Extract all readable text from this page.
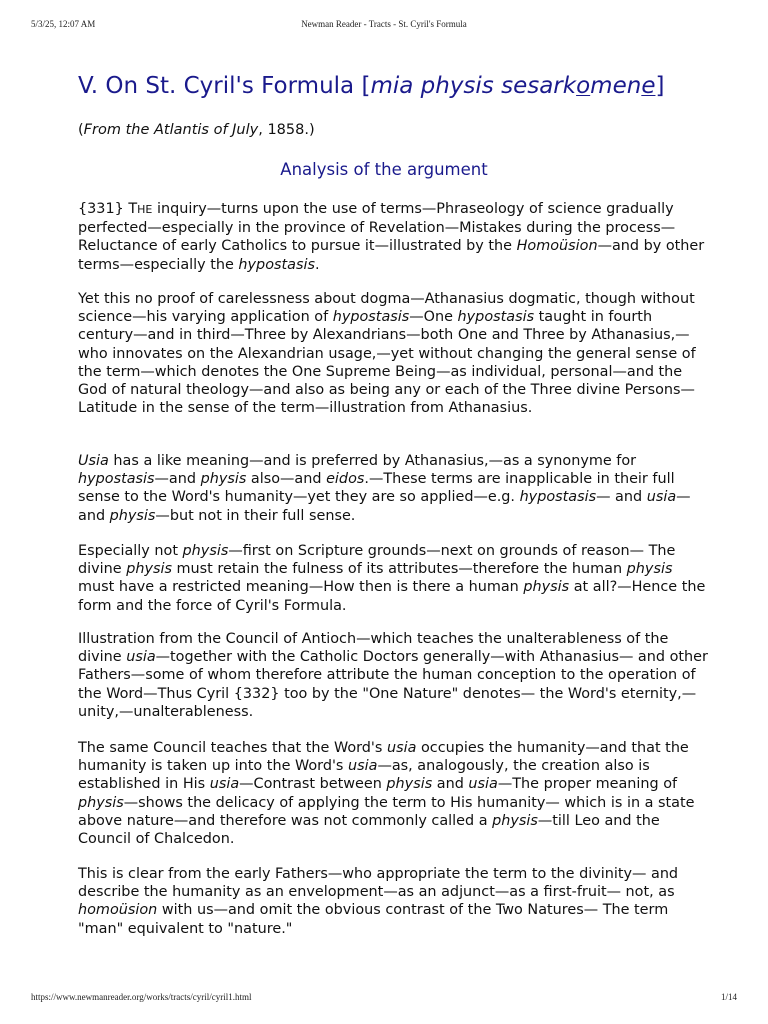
5/3/25, 12:07 AM	Newman Reader - Tracts - St. Cyril's Formula
V. On St. Cyril's Formula [mia physis sesarkomene]

(From the Atlantis of July, 1858.)

Analysis of the argument

{331} THE inquiry—turns upon the use of terms—Phraseology of science gradually perfected—especially in the province of Revelation—Mistakes during the process—Reluctance of early Catholics to pursue it—illustrated by the Homoüsion—and by other terms—especially the hypostasis.

Yet this no proof of carelessness about dogma—Athanasius dogmatic, though without science—his varying application of hypostasis—One hypostasis taught in fourth century—and in third—Three by Alexandrians—both One and Three by Athanasius,—who innovates on the Alexandrian usage,—yet without changing the general sense of the term—which denotes the One Supreme Being—as individual, personal—and the God of natural theology—and also as being any or each of the Three divine Persons—Latitude in the sense of the term—illustration from Athanasius.

Usia has a like meaning—and is preferred by Athanasius,—as a synonyme for hypostasis—and physis also—and eidos.—These terms are inapplicable in their full sense to the Word's humanity—yet they are so applied—e.g. hypostasis— and usia—and physis—but not in their full sense.

Especially not physis—first on Scripture grounds—next on grounds of reason— The divine physis must retain the fulness of its attributes—therefore the human physis must have a restricted meaning—How then is there a human physis at all?—Hence the form and the force of Cyril's Formula.

Illustration from the Council of Antioch—which teaches the unalterableness of the divine usia—together with the Catholic Doctors generally—with Athanasius— and other Fathers—some of whom therefore attribute the human conception to the operation of the Word—Thus Cyril {332} too by the "One Nature" denotes— the Word's eternity,—unity,—unalterableness.

The same Council teaches that the Word's usia occupies the humanity—and that the humanity is taken up into the Word's usia—as, analogously, the creation also is established in His usia—Contrast between physis and usia—The proper meaning of physis—shows the delicacy of applying the term to His humanity— which is in a state above nature—and therefore was not commonly called a physis—till Leo and the Council of Chalcedon.

This is clear from the early Fathers—who appropriate the term to the divinity— and describe the humanity as an envelopment—as an adjunct—as a first-fruit— not, as homoüsion with us—and omit the obvious contrast of the Two Natures— The term "man" equivalent to "nature."

https://www.newmanreader.org/works/tracts/cyril/cyril1.html	1/14
